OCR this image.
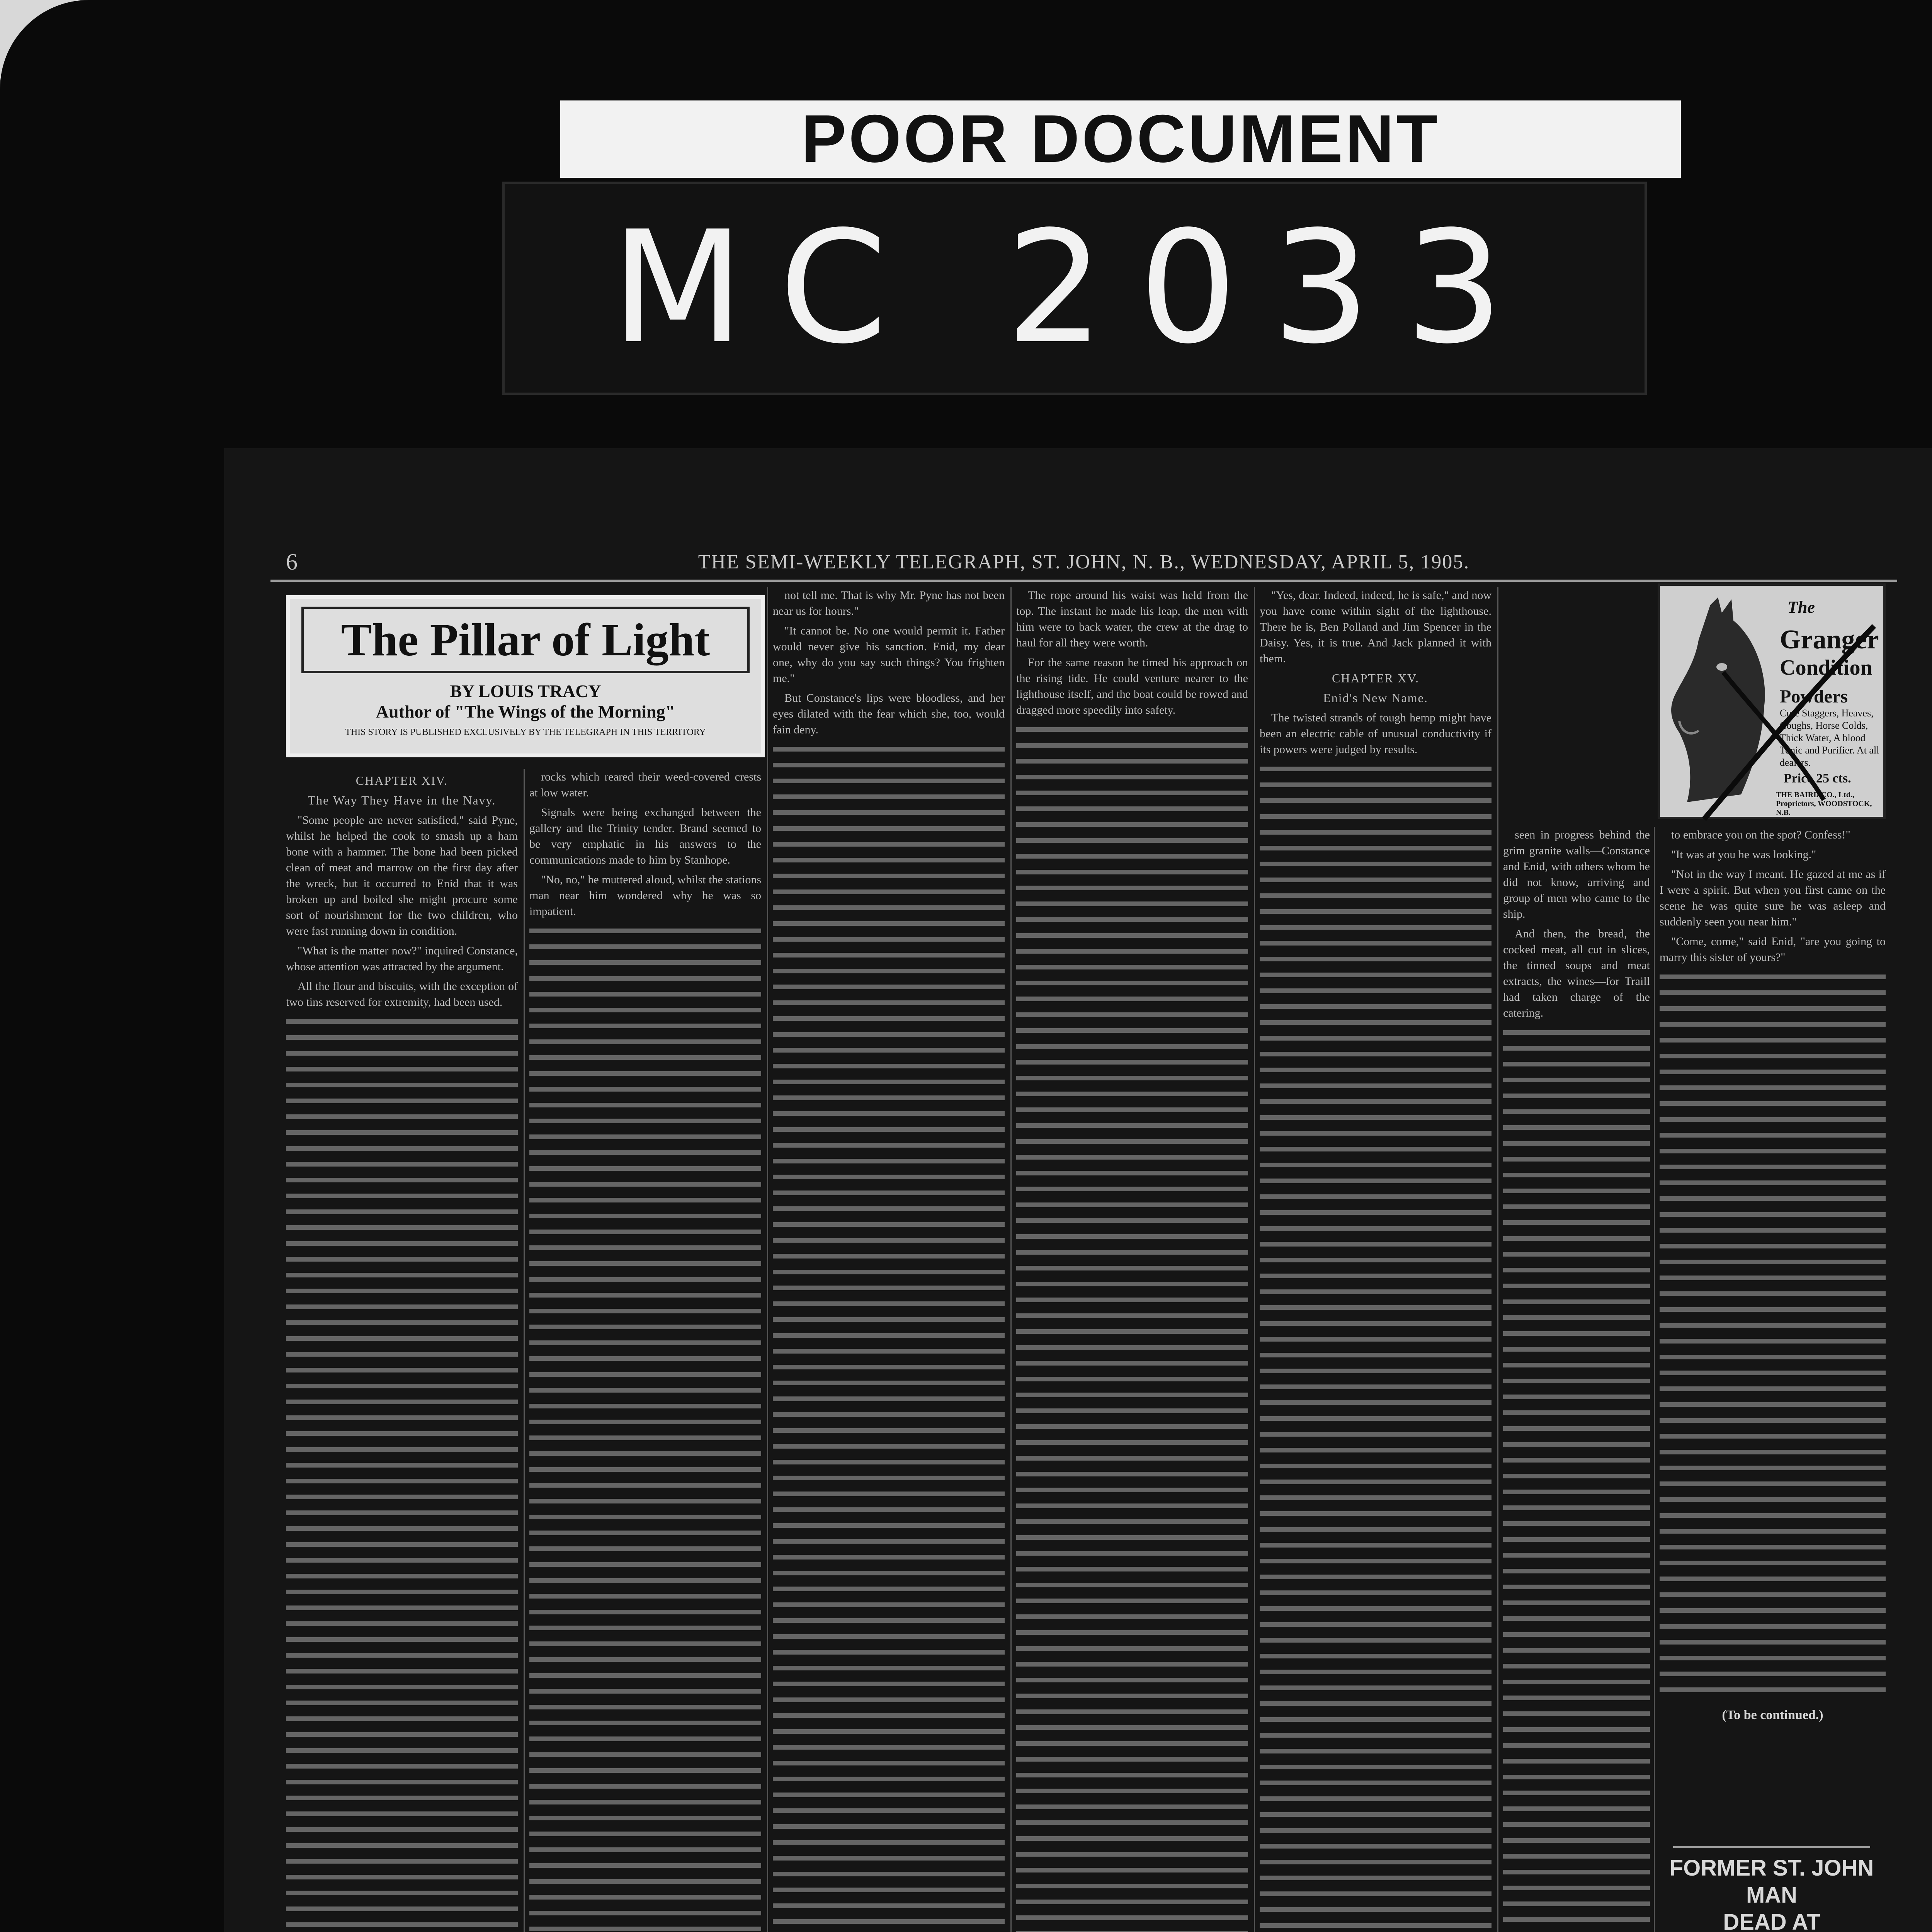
POOR DOCUMENT
MC 2033
6	THE SEMI-WEEKLY TELEGRAPH, ST. JOHN, N. B., WEDNESDAY, APRIL 5, 1905.
The Pillar of Light
BY LOUIS TRACY
Author of "The Wings of the Morning"
THIS STORY IS PUBLISHED EXCLUSIVELY BY THE TELEGRAPH IN THIS TERRITORY
CHAPTER XIV.
The Way They Have in the Navy.

"Some people are never satisfied," said Pyne, whilst he helped the cook to smash up a ham bone with a hammer. The bone had been picked clean of meat and marrow on the first day after the wreck, but it occurred to Enid that it was broken up and boiled she might procure some sort of nourishment for the two children, who were fast running down in condition.

"What is the matter now?" inquired Constance, whose attention was attracted by the argument.

All the flour and biscuits, with the exception of two tins reserved for extremity, had been used.

rocks which reared their weed-covered crests at low water.

Signals were being exchanged between the gallery and the Trinity tender. Brand seemed to be very emphatic in his answers to the communications made to him by Stanhope.

"No, no," he muttered aloud, whilst the stations man near him wondered why he was so impatient.

not tell me. That is why Mr. Pyne has not been near us for hours."

"It cannot be. No one would permit it. Father would never give his sanction. Enid, my dear one, why do you say such things? You frighten me."

But Constance's lips were bloodless, and her eyes dilated with the fear which she, too, would fain deny.

The rope around his waist was held from the top. The instant he made his leap, the men with him were to back water, the crew at the drag to haul for all they were worth.

For the same reason he timed his approach on the rising tide. He could venture nearer to the lighthouse itself, and the boat could be rowed and dragged more speedily into safety.

"Yes, dear. Indeed, indeed, he is safe," and now you have come within sight of the lighthouse. There he is, Ben Polland and Jim Spencer in the Daisy. Yes, it is true. And Jack planned it with them.

CHAPTER XV.
Enid's New Name.

The twisted strands of tough hemp might have been an electric cable of unusual conductivity if its powers were judged by results.

seen in progress behind the grim granite walls—Constance and Enid, with others whom he did not know, arriving and group of men who came to the ship.

And then, the bread, the cocked meat, all cut in slices, the tinned soups and meat extracts, the wines—for Traill had taken charge of the catering.

to embrace you on the spot? Confess!"

"It was at you he was looking."

"Not in the way I meant. He gazed at me as if I were a spirit. But when you first came on the scene he was quite sure he was asleep and suddenly seen you near him."

"Come, come," said Enid, "are you going to marry this sister of yours?"

(To be continued.)
The
Granger
Condition
Powders
Cure Staggers, Heaves, Coughs, Horse Colds, Thick Water, A blood Tonic and Purifier. At all dealers.
Price 25 cts.
THE BAIRD CO., Ltd., Proprietors, WOODSTOCK, N.B.
FORMER ST. JOHN MAN
DEAD AT
